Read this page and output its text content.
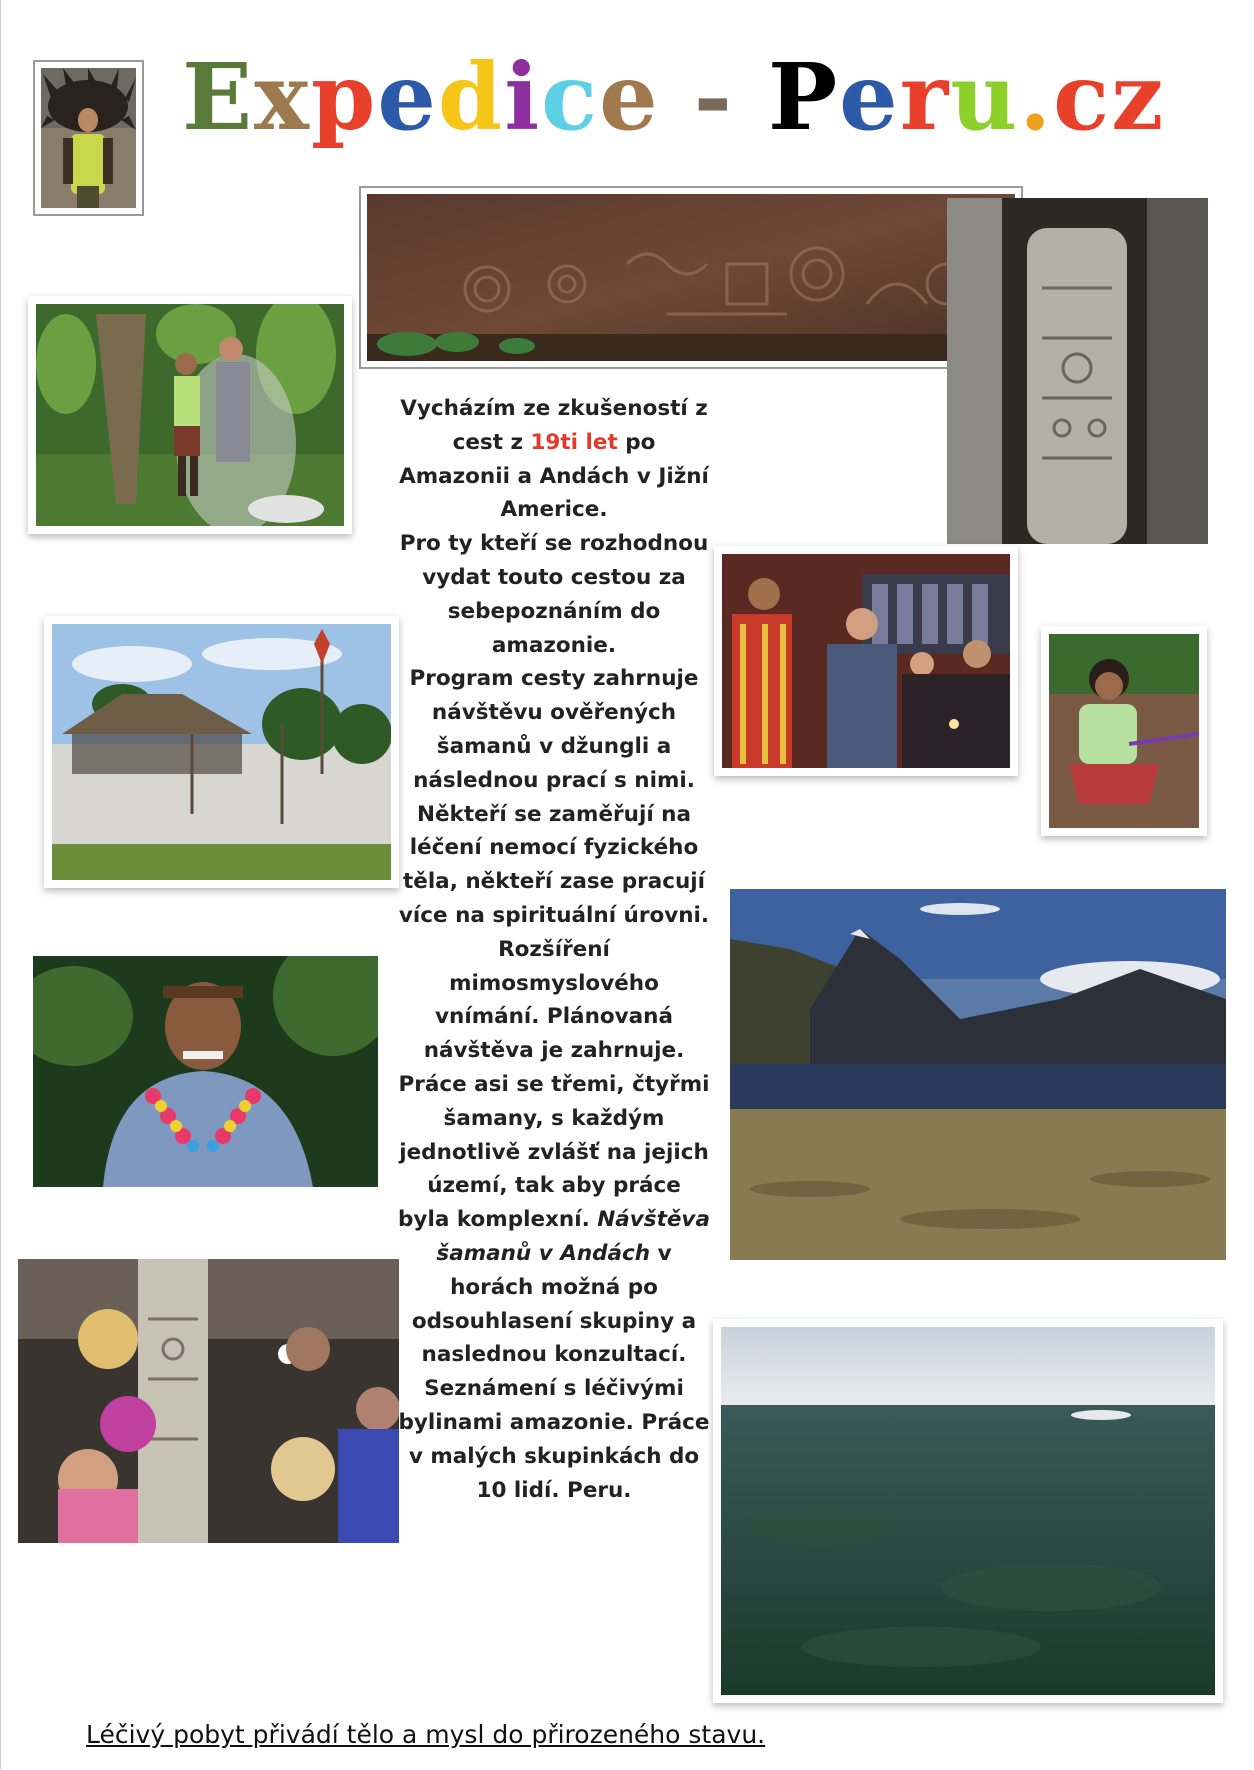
Expedice - Peru.cz

Vycházím ze zkušeností z cest z 19ti let po Amazonii a Andách v Jižní Americe.

Pro ty kteří se rozhodnou vydat touto cestou za sebepoznáním do amazonie.

Program cesty zahrnuje návštěvu ověřených šamanů v džungli a následnou prací s nimi.

Někteří se zaměřují na léčení nemocí fyzického těla, někteří zase pracují více na spirituální úrovni.

Rozšíření mimosmyslového vnímání. Plánovaná návštěva je zahrnuje. Práce asi se třemi, čtyřmi šamany, s každým jednotlivě zvlášť na jejich území, tak aby práce byla komplexní. Návštěva šamanů v Andách v horách možná po odsouhlasení skupiny a naslednou konzultací. Seznámení s léčivými bylinami amazonie. Práce v malých skupinkách do 10 lidí. Peru.

Léčivý pobyt přivádí tělo a mysl do přirozeného stavu.
